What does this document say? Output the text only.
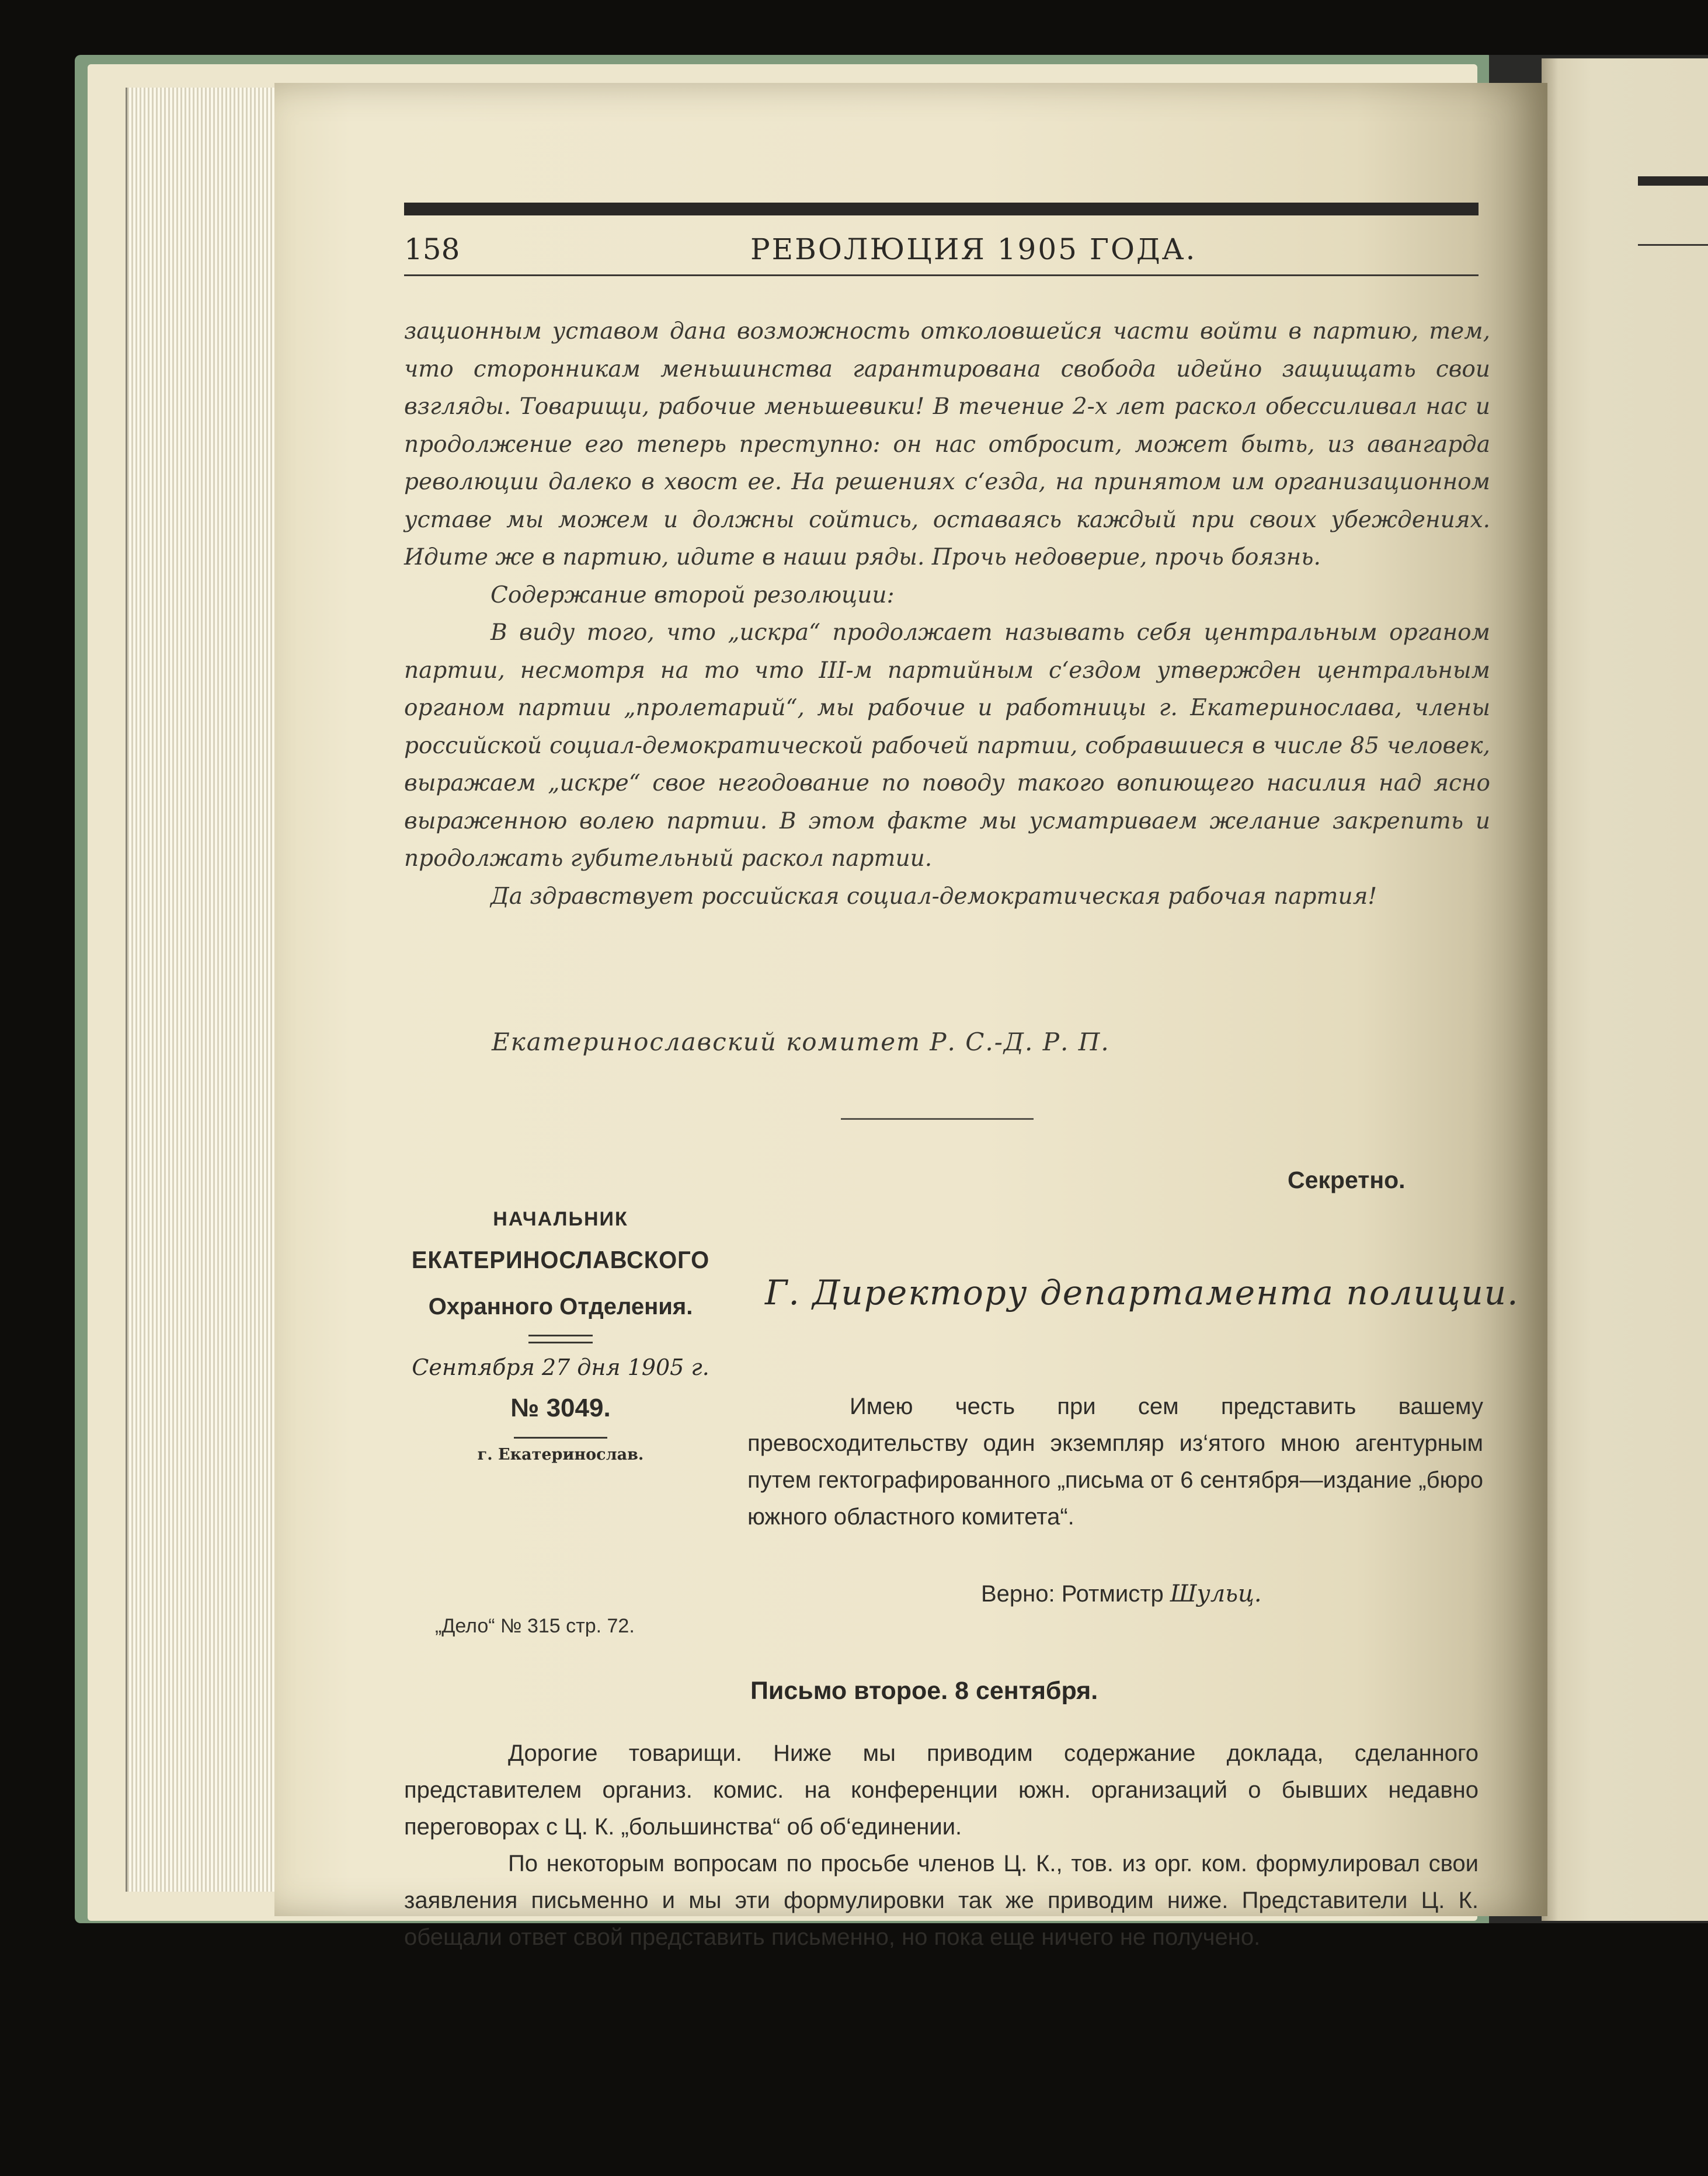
158	РЕВОЛЮЦИЯ 1905 ГОДА.

зационным уставом дана возможность отколовшейся части войти в партию, тем, что сторонникам меньшинства гарантирована свобода идейно защищать свои взгляды. Товарищи, рабочие меньшевики! В течение 2-х лет раскол обессиливал нас и продолжение его теперь преступно: он нас отбросит, может быть, из авангарда революции далеко в хвост ее. На решениях с‘езда, на принятом им организационном уставе мы можем и должны сойтись, оставаясь каждый при своих убеждениях. Идите же в партию, идите в наши ряды. Прочь недоверие, прочь боязнь.

Содержание второй резолюции:

В виду того, что „искра“ продолжает называть себя центральным органом партии, несмотря на то что III-м партийным с‘ездом утвержден центральным органом партии „пролетарий“, мы рабочие и работницы г. Екатеринослава, члены российской социал-демократической рабочей партии, собравшиеся в числе 85 человек, выражаем „искре“ свое негодование по поводу такого вопиющего насилия над ясно выраженною волею партии. В этом факте мы усматриваем желание закрепить и продолжать губительный раскол партии.

Да здравствует российская социал-демократическая рабочая партия!

Екатеринославский комитет Р. С.-Д. Р. П.
Секретно.
НАЧАЛЬНИК
ЕКАТЕРИНОСЛАВСКОГО
Охранного Отделения.
Сентября 27 дня 1905 г.
№ 3049.
г. Екатеринослав.
Г. Директору департамента полиции.

Имею честь при сем представить вашему превосходительству один экземпляр из‘ятого мною агентурным путем гектографированного „письма от 6 сентября—издание „бюро южного областного комитета“.

Верно: Ротмистр Шульц.
„Дело“ № 315 стр. 72.
Письмо второе. 8 сентября.

Дорогие товарищи. Ниже мы приводим содержание доклада, сделанного представителем организ. комис. на конференции южн. организаций о бывших недавно переговорах с Ц. К. „большинства“ об об‘единении.

По некоторым вопросам по просьбе членов Ц. К., тов. из орг. ком. формулировал свои заявления письменно и мы эти формулировки так же приводим ниже. Представители Ц. К. обещали ответ свой представить письменно, но пока еще ничего не получено.
